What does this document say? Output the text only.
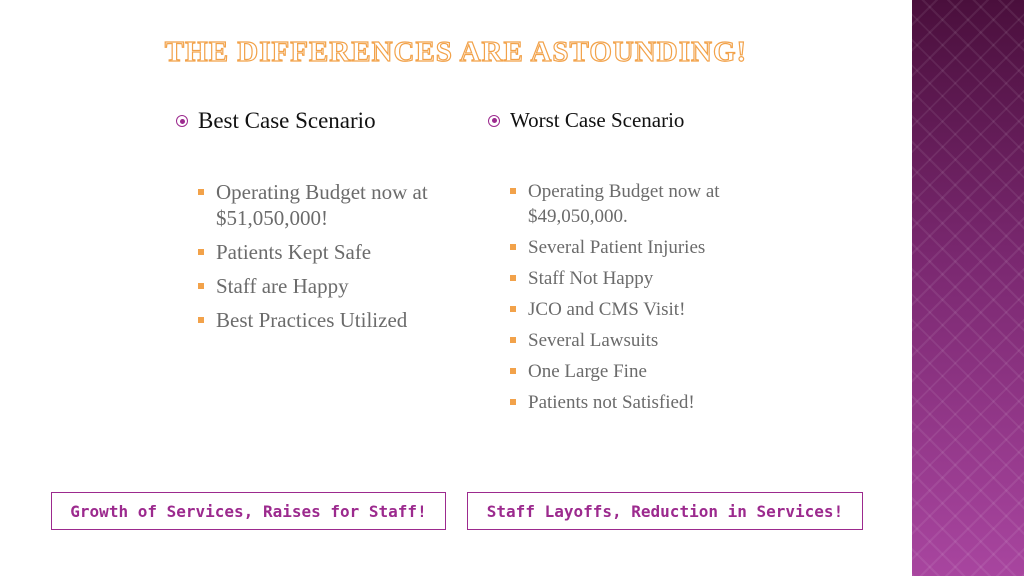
THE DIFFERENCES ARE ASTOUNDING!
Best Case Scenario
Operating Budget now at $51,050,000!
Patients Kept Safe
Staff are Happy
Best Practices Utilized
Worst Case Scenario
Operating Budget now at $49,050,000.
Several Patient Injuries
Staff Not Happy
JCO and CMS Visit!
Several Lawsuits
One Large Fine
Patients not Satisfied!
Growth of Services, Raises for Staff!	Staff Layoffs, Reduction in Services!
